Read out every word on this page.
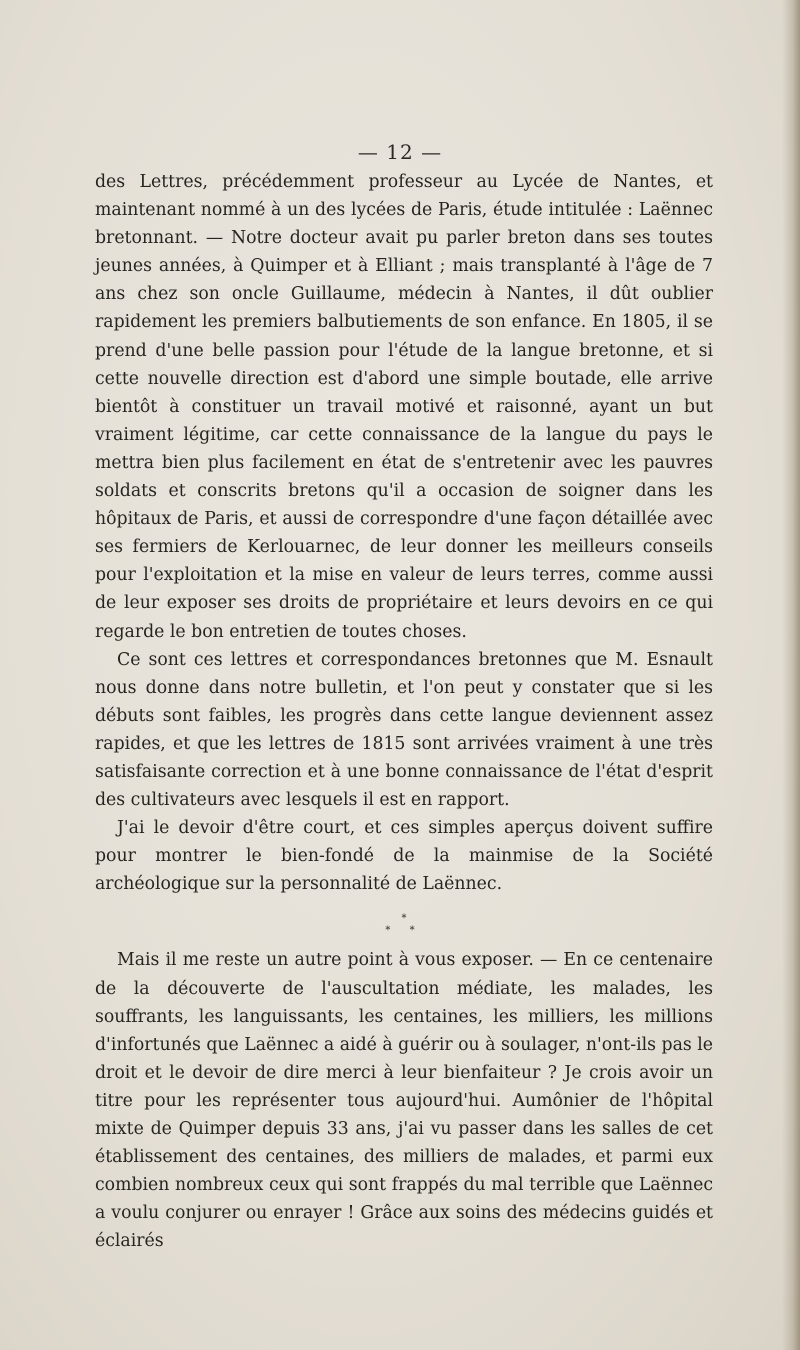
— 12 —

des Lettres, précédemment professeur au Lycée de Nantes, et maintenant nommé à un des lycées de Paris, étude intitulée : Laënnec bretonnant. — Notre docteur avait pu parler breton dans ses toutes jeunes années, à Quimper et à Elliant ; mais transplanté à l'âge de 7 ans chez son oncle Guillaume, médecin à Nantes, il dût oublier rapidement les premiers balbutiements de son enfance. En 1805, il se prend d'une belle passion pour l'étude de la langue bretonne, et si cette nouvelle direction est d'abord une simple boutade, elle arrive bientôt à constituer un travail motivé et raisonné, ayant un but vraiment légitime, car cette connaissance de la langue du pays le mettra bien plus facilement en état de s'entretenir avec les pauvres soldats et conscrits bretons qu'il a occasion de soigner dans les hôpitaux de Paris, et aussi de correspondre d'une façon détaillée avec ses fermiers de Kerlouarnec, de leur donner les meilleurs conseils pour l'exploitation et la mise en valeur de leurs terres, comme aussi de leur exposer ses droits de propriétaire et leurs devoirs en ce qui regarde le bon entretien de toutes choses.

Ce sont ces lettres et correspondances bretonnes que M. Esnault nous donne dans notre bulletin, et l'on peut y constater que si les débuts sont faibles, les progrès dans cette langue deviennent assez rapides, et que les lettres de 1815 sont arrivées vraiment à une très satisfaisante correction et à une bonne connaissance de l'état d'esprit des cultivateurs avec lesquels il est en rapport.

J'ai le devoir d'être court, et ces simples aperçus doivent suffire pour montrer le bien-fondé de la mainmise de la Société archéologique sur la personnalité de Laënnec.

*
* *

Mais il me reste un autre point à vous exposer. — En ce centenaire de la découverte de l'auscultation médiate, les malades, les souffrants, les languissants, les centaines, les milliers, les millions d'infortunés que Laënnec a aidé à guérir ou à soulager, n'ont-ils pas le droit et le devoir de dire merci à leur bienfaiteur ? Je crois avoir un titre pour les représenter tous aujourd'hui. Aumônier de l'hôpital mixte de Quimper depuis 33 ans, j'ai vu passer dans les salles de cet établissement des centaines, des milliers de malades, et parmi eux combien nombreux ceux qui sont frappés du mal terrible que Laënnec a voulu conjurer ou enrayer ! Grâce aux soins des médecins guidés et éclairés
